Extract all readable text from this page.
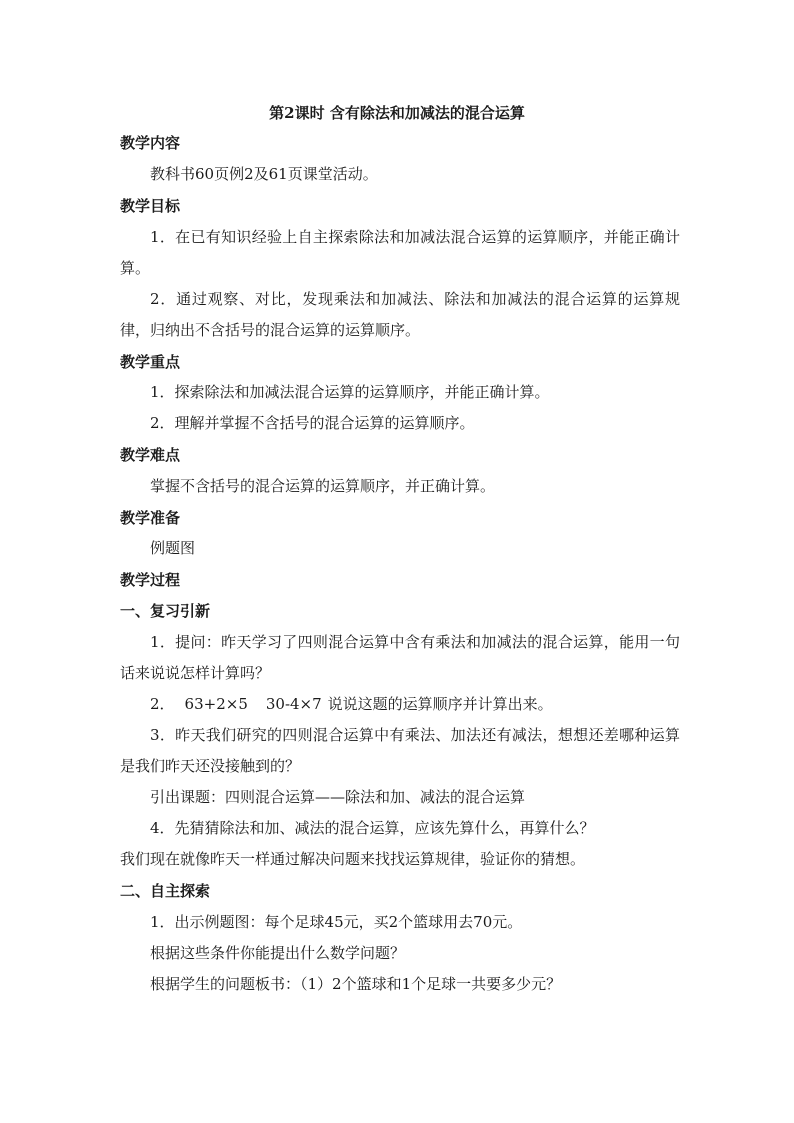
第2课时 含有除法和加减法的混合运算
教学内容

教科书60页例2及61页课堂活动。

教学目标

1．在已有知识经验上自主探索除法和加减法混合运算的运算顺序，并能正确计算。

2．通过观察、对比，发现乘法和加减法、除法和加减法的混合运算的运算规律，归纳出不含括号的混合运算的运算顺序。

教学重点

1．探索除法和加减法混合运算的运算顺序，并能正确计算。

2．理解并掌握不含括号的混合运算的运算顺序。

教学难点

掌握不含括号的混合运算的运算顺序，并正确计算。

教学准备

例题图

教学过程
一、复习引新

1．提问：昨天学习了四则混合运算中含有乘法和加减法的混合运算，能用一句话来说说怎样计算吗？

2． 63+2×5 30-4×7 说说这题的运算顺序并计算出来。

3．昨天我们研究的四则混合运算中有乘法、加法还有减法，想想还差哪种运算是我们昨天还没接触到的？

引出课题：四则混合运算——除法和加、减法的混合运算

4．先猜猜除法和加、减法的混合运算，应该先算什么，再算什么？

我们现在就像昨天一样通过解决问题来找找运算规律，验证你的猜想。

二、自主探索

1．出示例题图：每个足球45元，买2个篮球用去70元。

根据这些条件你能提出什么数学问题？

根据学生的问题板书：（1）2个篮球和1个足球一共要多少元？
